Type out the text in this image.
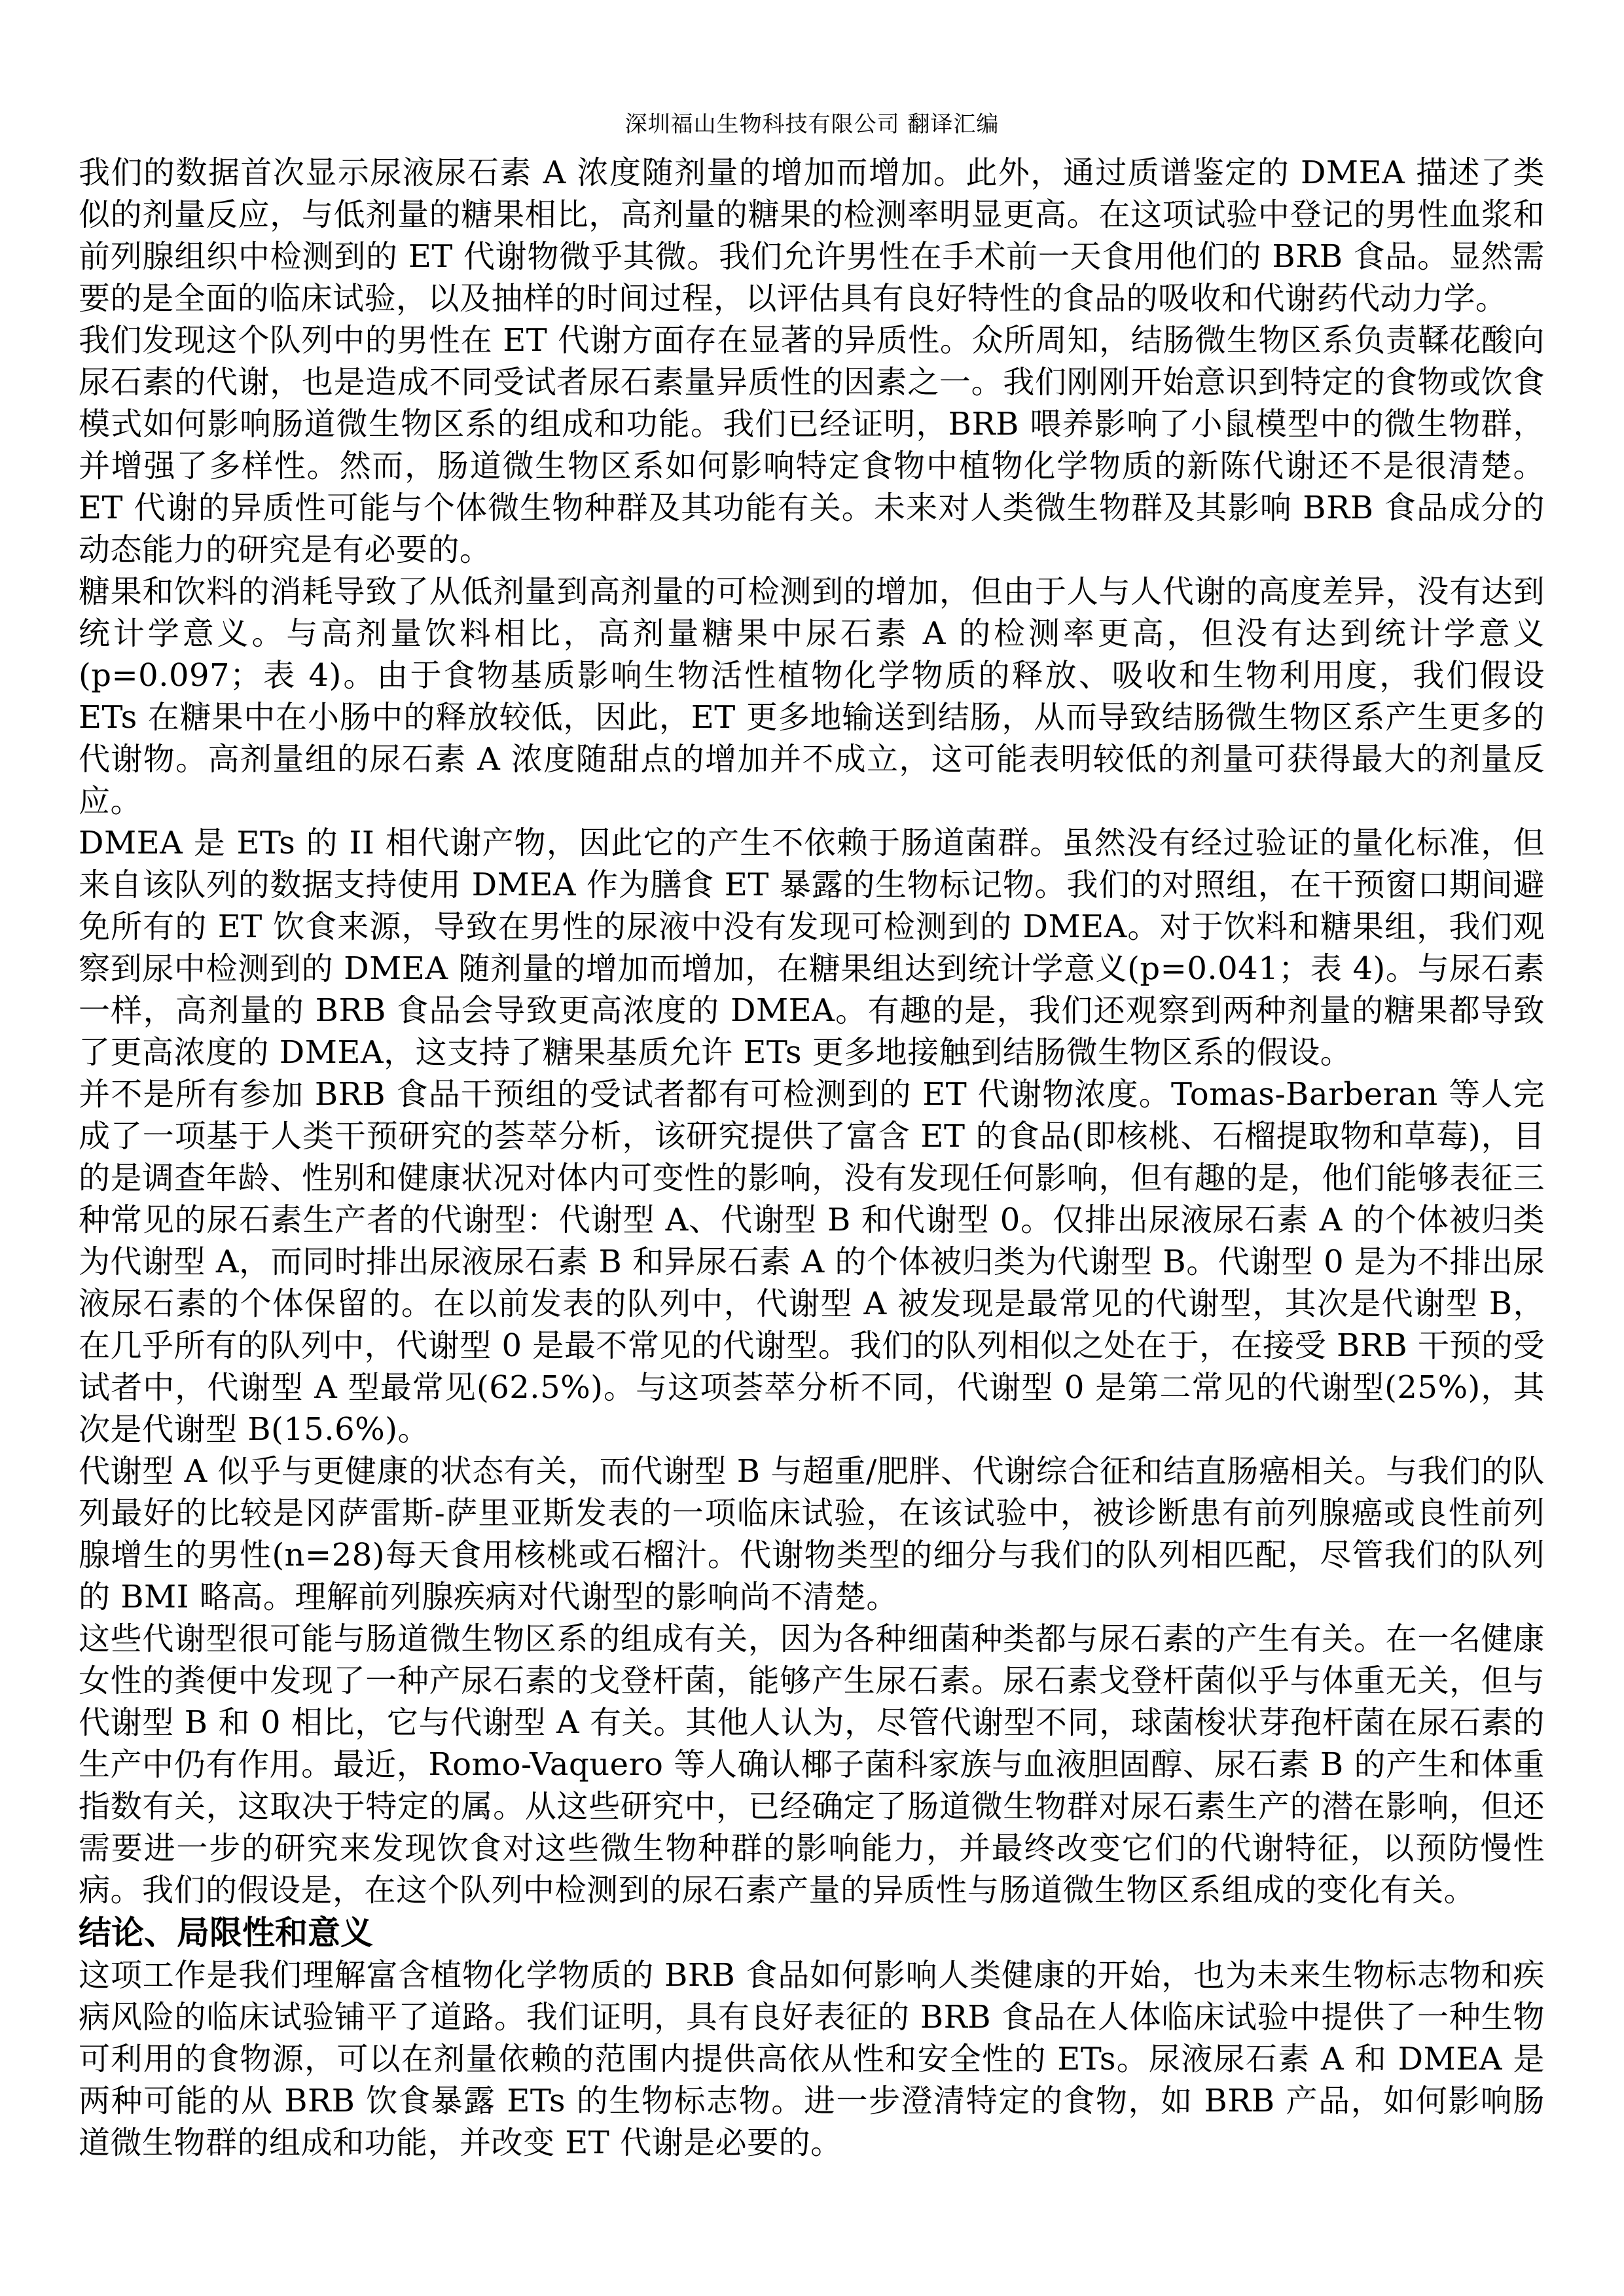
深圳福山生物科技有限公司 翻译汇编

我们的数据首次显示尿液尿石素 A 浓度随剂量的增加而增加。此外，通过质谱鉴定的 DMEA 描述了类似的剂量反应，与低剂量的糖果相比，高剂量的糖果的检测率明显更高。在这项试验中登记的男性血浆和前列腺组织中检测到的 ET 代谢物微乎其微。我们允许男性在手术前一天食用他们的 BRB 食品。显然需要的是全面的临床试验，以及抽样的时间过程，以评估具有良好特性的食品的吸收和代谢药代动力学。

我们发现这个队列中的男性在 ET 代谢方面存在显著的异质性。众所周知，结肠微生物区系负责鞣花酸向尿石素的代谢，也是造成不同受试者尿石素量异质性的因素之一。我们刚刚开始意识到特定的食物或饮食模式如何影响肠道微生物区系的组成和功能。我们已经证明，BRB 喂养影响了小鼠模型中的微生物群，并增强了多样性。然而，肠道微生物区系如何影响特定食物中植物化学物质的新陈代谢还不是很清楚。ET 代谢的异质性可能与个体微生物种群及其功能有关。未来对人类微生物群及其影响 BRB 食品成分的动态能力的研究是有必要的。

糖果和饮料的消耗导致了从低剂量到高剂量的可检测到的增加，但由于人与人代谢的高度差异，没有达到统计学意义。与高剂量饮料相比，高剂量糖果中尿石素 A 的检测率更高，但没有达到统计学意义(p=0.097；表 4)。由于食物基质影响生物活性植物化学物质的释放、吸收和生物利用度，我们假设 ETs 在糖果中在小肠中的释放较低，因此，ET 更多地输送到结肠，从而导致结肠微生物区系产生更多的代谢物。高剂量组的尿石素 A 浓度随甜点的增加并不成立，这可能表明较低的剂量可获得最大的剂量反应。

DMEA 是 ETs 的 II 相代谢产物，因此它的产生不依赖于肠道菌群。虽然没有经过验证的量化标准，但来自该队列的数据支持使用 DMEA 作为膳食 ET 暴露的生物标记物。我们的对照组，在干预窗口期间避免所有的 ET 饮食来源，导致在男性的尿液中没有发现可检测到的 DMEA。对于饮料和糖果组，我们观察到尿中检测到的 DMEA 随剂量的增加而增加，在糖果组达到统计学意义(p=0.041；表 4)。与尿石素一样，高剂量的 BRB 食品会导致更高浓度的 DMEA。有趣的是，我们还观察到两种剂量的糖果都导致了更高浓度的 DMEA，这支持了糖果基质允许 ETs 更多地接触到结肠微生物区系的假设。

并不是所有参加 BRB 食品干预组的受试者都有可检测到的 ET 代谢物浓度。Tomas-Barberan 等人完成了一项基于人类干预研究的荟萃分析，该研究提供了富含 ET 的食品(即核桃、石榴提取物和草莓)，目的是调查年龄、性别和健康状况对体内可变性的影响，没有发现任何影响，但有趣的是，他们能够表征三种常见的尿石素生产者的代谢型：代谢型 A、代谢型 B 和代谢型 0。仅排出尿液尿石素 A 的个体被归类为代谢型 A，而同时排出尿液尿石素 B 和异尿石素 A 的个体被归类为代谢型 B。代谢型 0 是为不排出尿液尿石素的个体保留的。在以前发表的队列中，代谢型 A 被发现是最常见的代谢型，其次是代谢型 B，在几乎所有的队列中，代谢型 0 是最不常见的代谢型。我们的队列相似之处在于，在接受 BRB 干预的受试者中，代谢型 A 型最常见(62.5%)。与这项荟萃分析不同，代谢型 0 是第二常见的代谢型(25%)，其次是代谢型 B(15.6%)。

代谢型 A 似乎与更健康的状态有关，而代谢型 B 与超重/肥胖、代谢综合征和结直肠癌相关。与我们的队列最好的比较是冈萨雷斯-萨里亚斯发表的一项临床试验，在该试验中，被诊断患有前列腺癌或良性前列腺增生的男性(n=28)每天食用核桃或石榴汁。代谢物类型的细分与我们的队列相匹配，尽管我们的队列的 BMI 略高。理解前列腺疾病对代谢型的影响尚不清楚。

这些代谢型很可能与肠道微生物区系的组成有关，因为各种细菌种类都与尿石素的产生有关。在一名健康女性的粪便中发现了一种产尿石素的戈登杆菌，能够产生尿石素。尿石素戈登杆菌似乎与体重无关，但与代谢型 B 和 0 相比，它与代谢型 A 有关。其他人认为，尽管代谢型不同，球菌梭状芽孢杆菌在尿石素的生产中仍有作用。最近，Romo-Vaquero 等人确认椰子菌科家族与血液胆固醇、尿石素 B 的产生和体重指数有关，这取决于特定的属。从这些研究中，已经确定了肠道微生物群对尿石素生产的潜在影响，但还需要进一步的研究来发现饮食对这些微生物种群的影响能力，并最终改变它们的代谢特征，以预防慢性病。我们的假设是，在这个队列中检测到的尿石素产量的异质性与肠道微生物区系组成的变化有关。

结论、局限性和意义

这项工作是我们理解富含植物化学物质的 BRB 食品如何影响人类健康的开始，也为未来生物标志物和疾病风险的临床试验铺平了道路。我们证明，具有良好表征的 BRB 食品在人体临床试验中提供了一种生物可利用的食物源，可以在剂量依赖的范围内提供高依从性和安全性的 ETs。尿液尿石素 A 和 DMEA 是两种可能的从 BRB 饮食暴露 ETs 的生物标志物。进一步澄清特定的食物，如 BRB 产品，如何影响肠道微生物群的组成和功能，并改变 ET 代谢是必要的。
